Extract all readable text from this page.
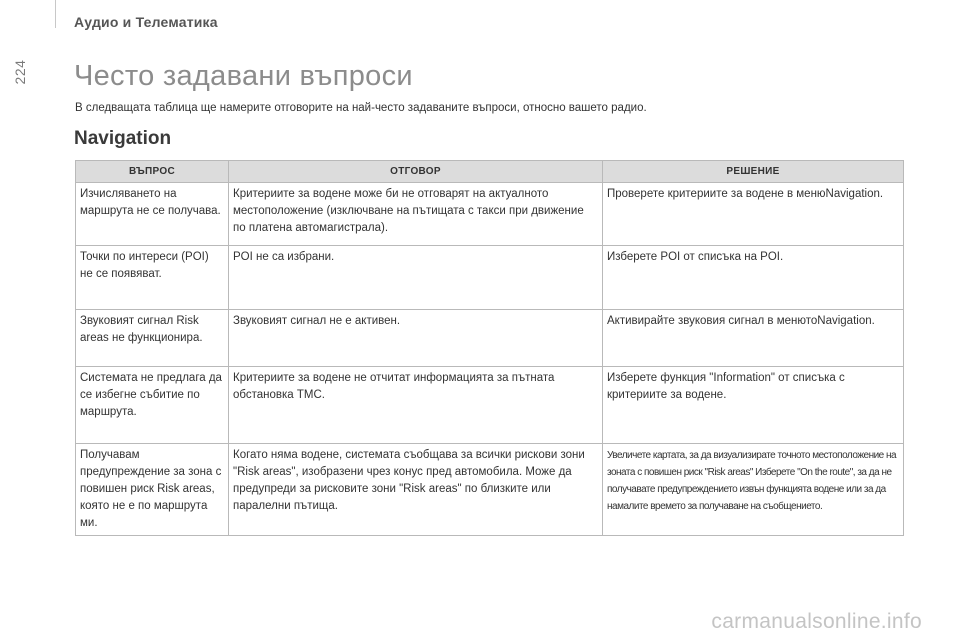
224
Аудио и Телематика
Често задавани въпроси
В следващата таблица ще намерите отговорите на най-често задаваните въпроси, относно вашето радио.
Navigation
ВЪПРОС	ОТГОВОР	РЕШЕНИЕ
Изчисляването на маршрута не се получава.	Критериите за водене може би не отговарят на актуалното местоположение (изключване на пътищата с такси при движение по платена автомагистрала).	Проверете критериите за водене в менюNavigation.
Точки по интереси (POI) не се появяват.	POI не са избрани.	Изберете POI от списъка на POI.
Звуковият сигнал Risk areas не функционира.	Звуковият сигнал не е активен.	Активирайте звуковия сигнал в менютоNavigation.
Системата не предлага да се избегне събитие по маршрута.	Критериите за водене не отчитат информацията за пътната обстановка TMC.	Изберете функция "Information" от списъка с критериите за водене.
Получавам предупреждение за зона с повишен риск Risk areas, която не е по маршрута ми.	Когато няма водене, системата съобщава за всички рискови зони "Risk areas", изобразени чрез конус пред автомобила. Може да предупреди за рисковите зони "Risk areas" по близките или паралелни пътища.	Увеличете картата, за да визуализирате точното местоположение на зоната с повишен риск "Risk areas" Изберете "On the route", за да не получавате предупреждението извън функцията водене или за да намалите времето за получаване на съобщението.
carmanualsonline.info
